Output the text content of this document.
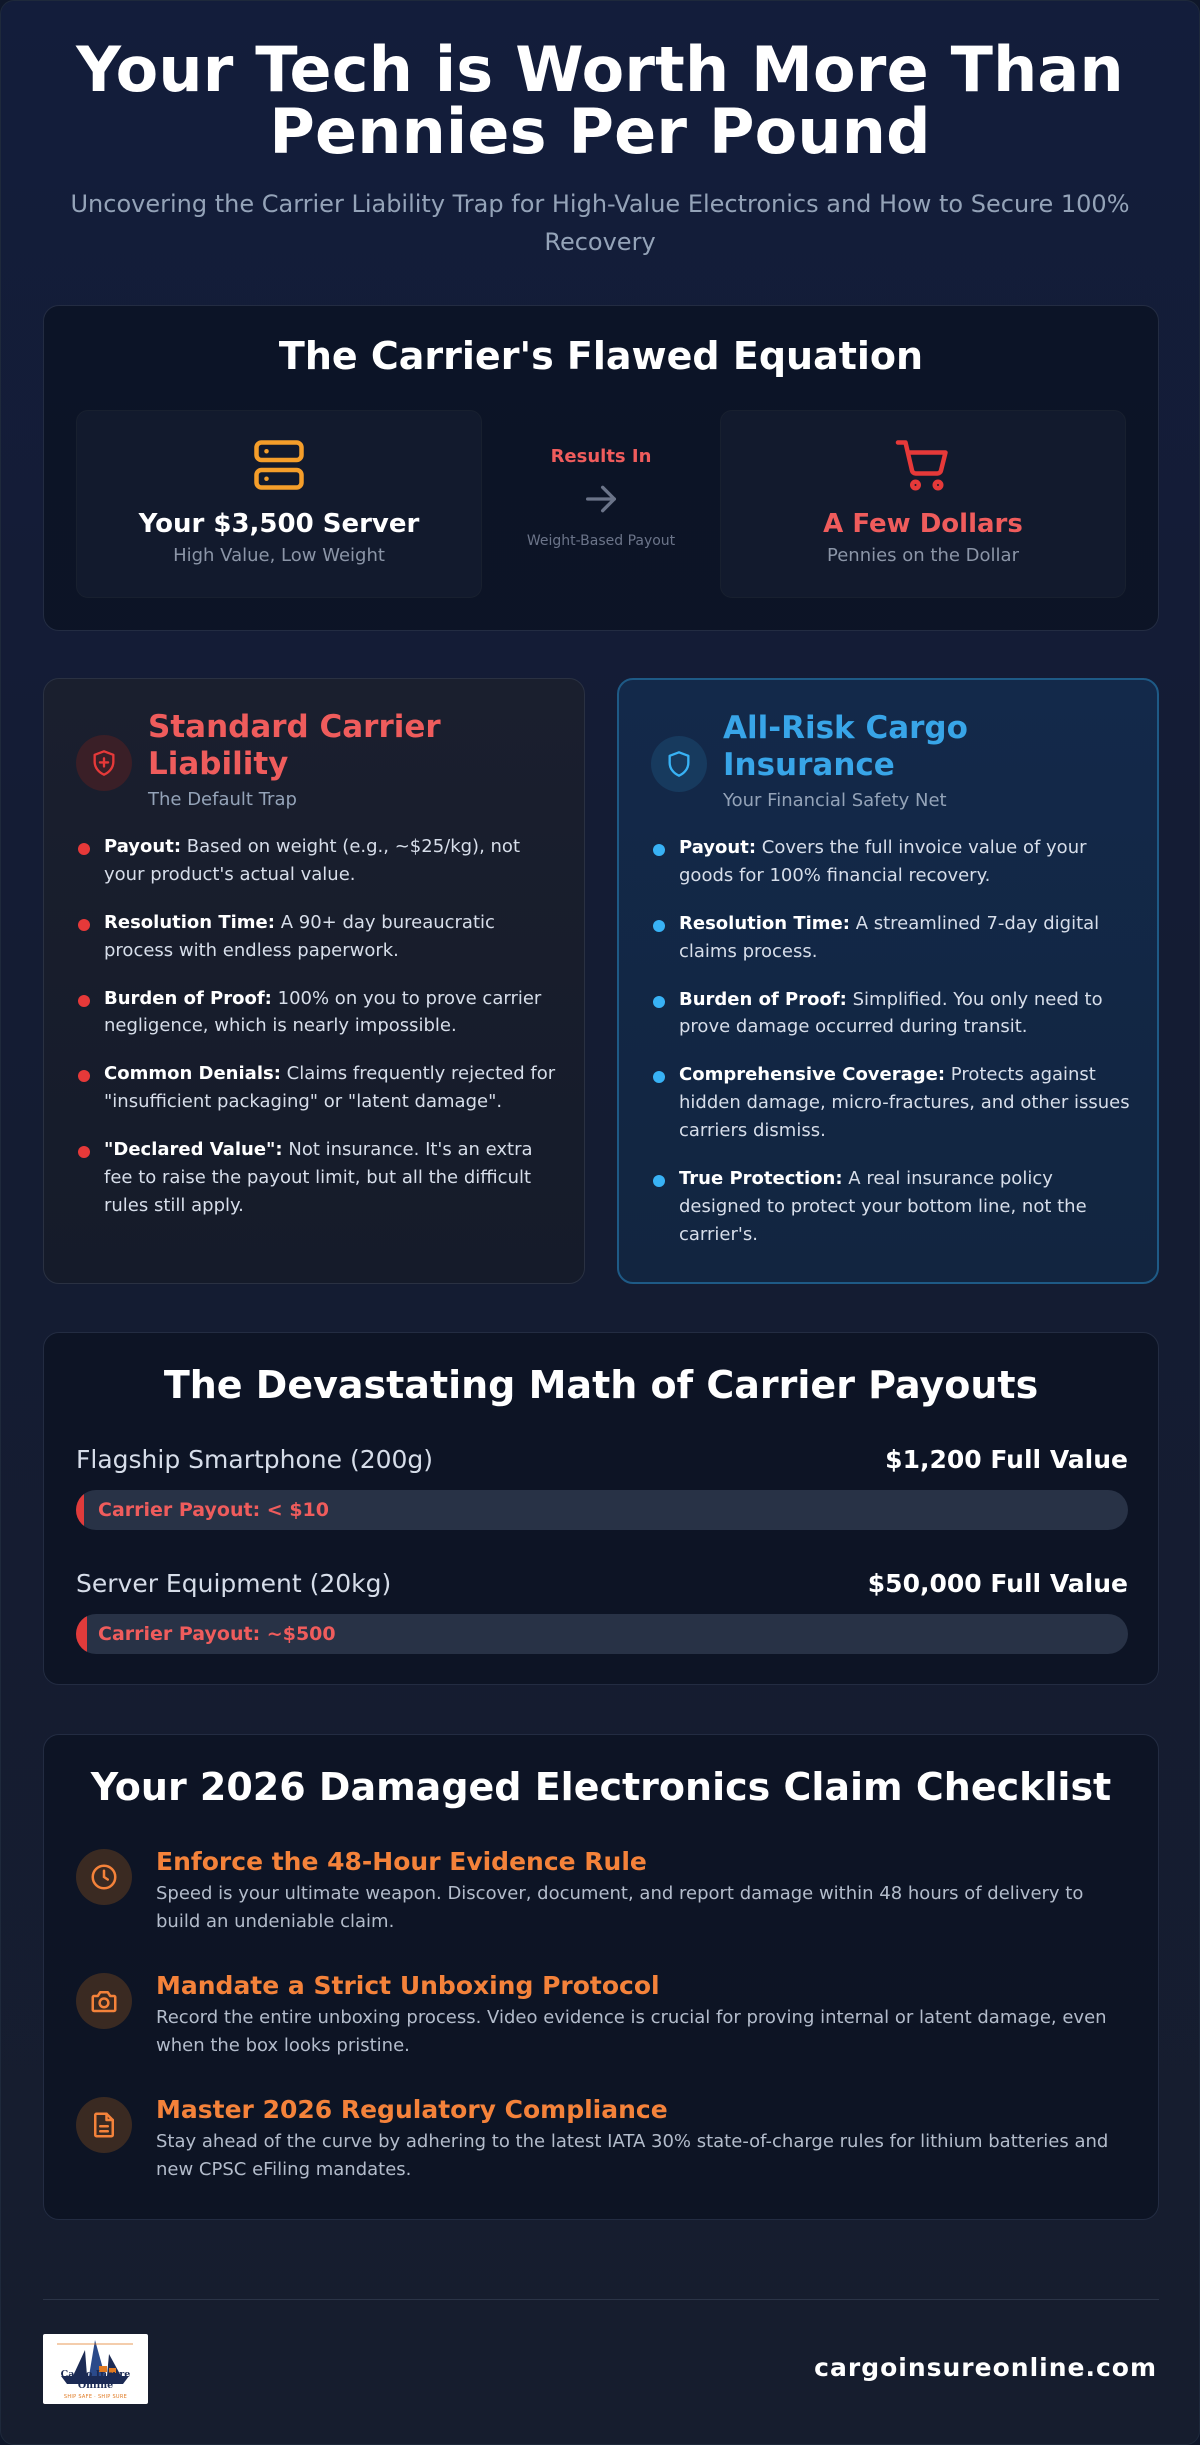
Your Tech is Worth More Than
Pennies Per Pound

Uncovering the Carrier Liability Trap for High-Value Electronics and How to Secure 100% Recovery

The Carrier's Flawed Equation
Your $3,500 Server
High Value, Low Weight
Results In
Weight-Based Payout
A Few Dollars
Pennies on the Dollar
Standard Carrier Liability
The Default Trap
Payout: Based on weight (e.g., ~$25/kg), not your product's actual value.
Resolution Time: A 90+ day bureaucratic process with endless paperwork.
Burden of Proof: 100% on you to prove carrier negligence, which is nearly impossible.
Common Denials: Claims frequently rejected for "insufficient packaging" or "latent damage".
"Declared Value": Not insurance. It's an extra fee to raise the payout limit, but all the difficult rules still apply.
All-Risk Cargo Insurance
Your Financial Safety Net
Payout: Covers the full invoice value of your goods for 100% financial recovery.
Resolution Time: A streamlined 7-day digital claims process.
Burden of Proof: Simplified. You only need to prove damage occurred during transit.
Comprehensive Coverage: Protects against hidden damage, micro-fractures, and other issues carriers dismiss.
True Protection: A real insurance policy designed to protect your bottom line, not the carrier's.
The Devastating Math of Carrier Payouts
Flagship Smartphone (200g)	$1,200 Full Value
Carrier Payout: < $10
Server Equipment (20kg)	$50,000 Full Value
Carrier Payout: ~$500
Your 2026 Damaged Electronics Claim Checklist
Enforce the 48-Hour Evidence Rule
Speed is your ultimate weapon. Discover, document, and report damage within 48 hours of delivery to build an undeniable claim.
Mandate a Strict Unboxing Protocol
Record the entire unboxing process. Video evidence is crucial for proving internal or latent damage, even when the box looks pristine.
Master 2026 Regulatory Compliance
Stay ahead of the curve by adhering to the latest IATA 30% state-of-charge rules for lithium batteries and new CPSC eFiling mandates.
Cargo Insure Online
SHIP SAFE · SHIP SURE
cargoinsureonline.com
